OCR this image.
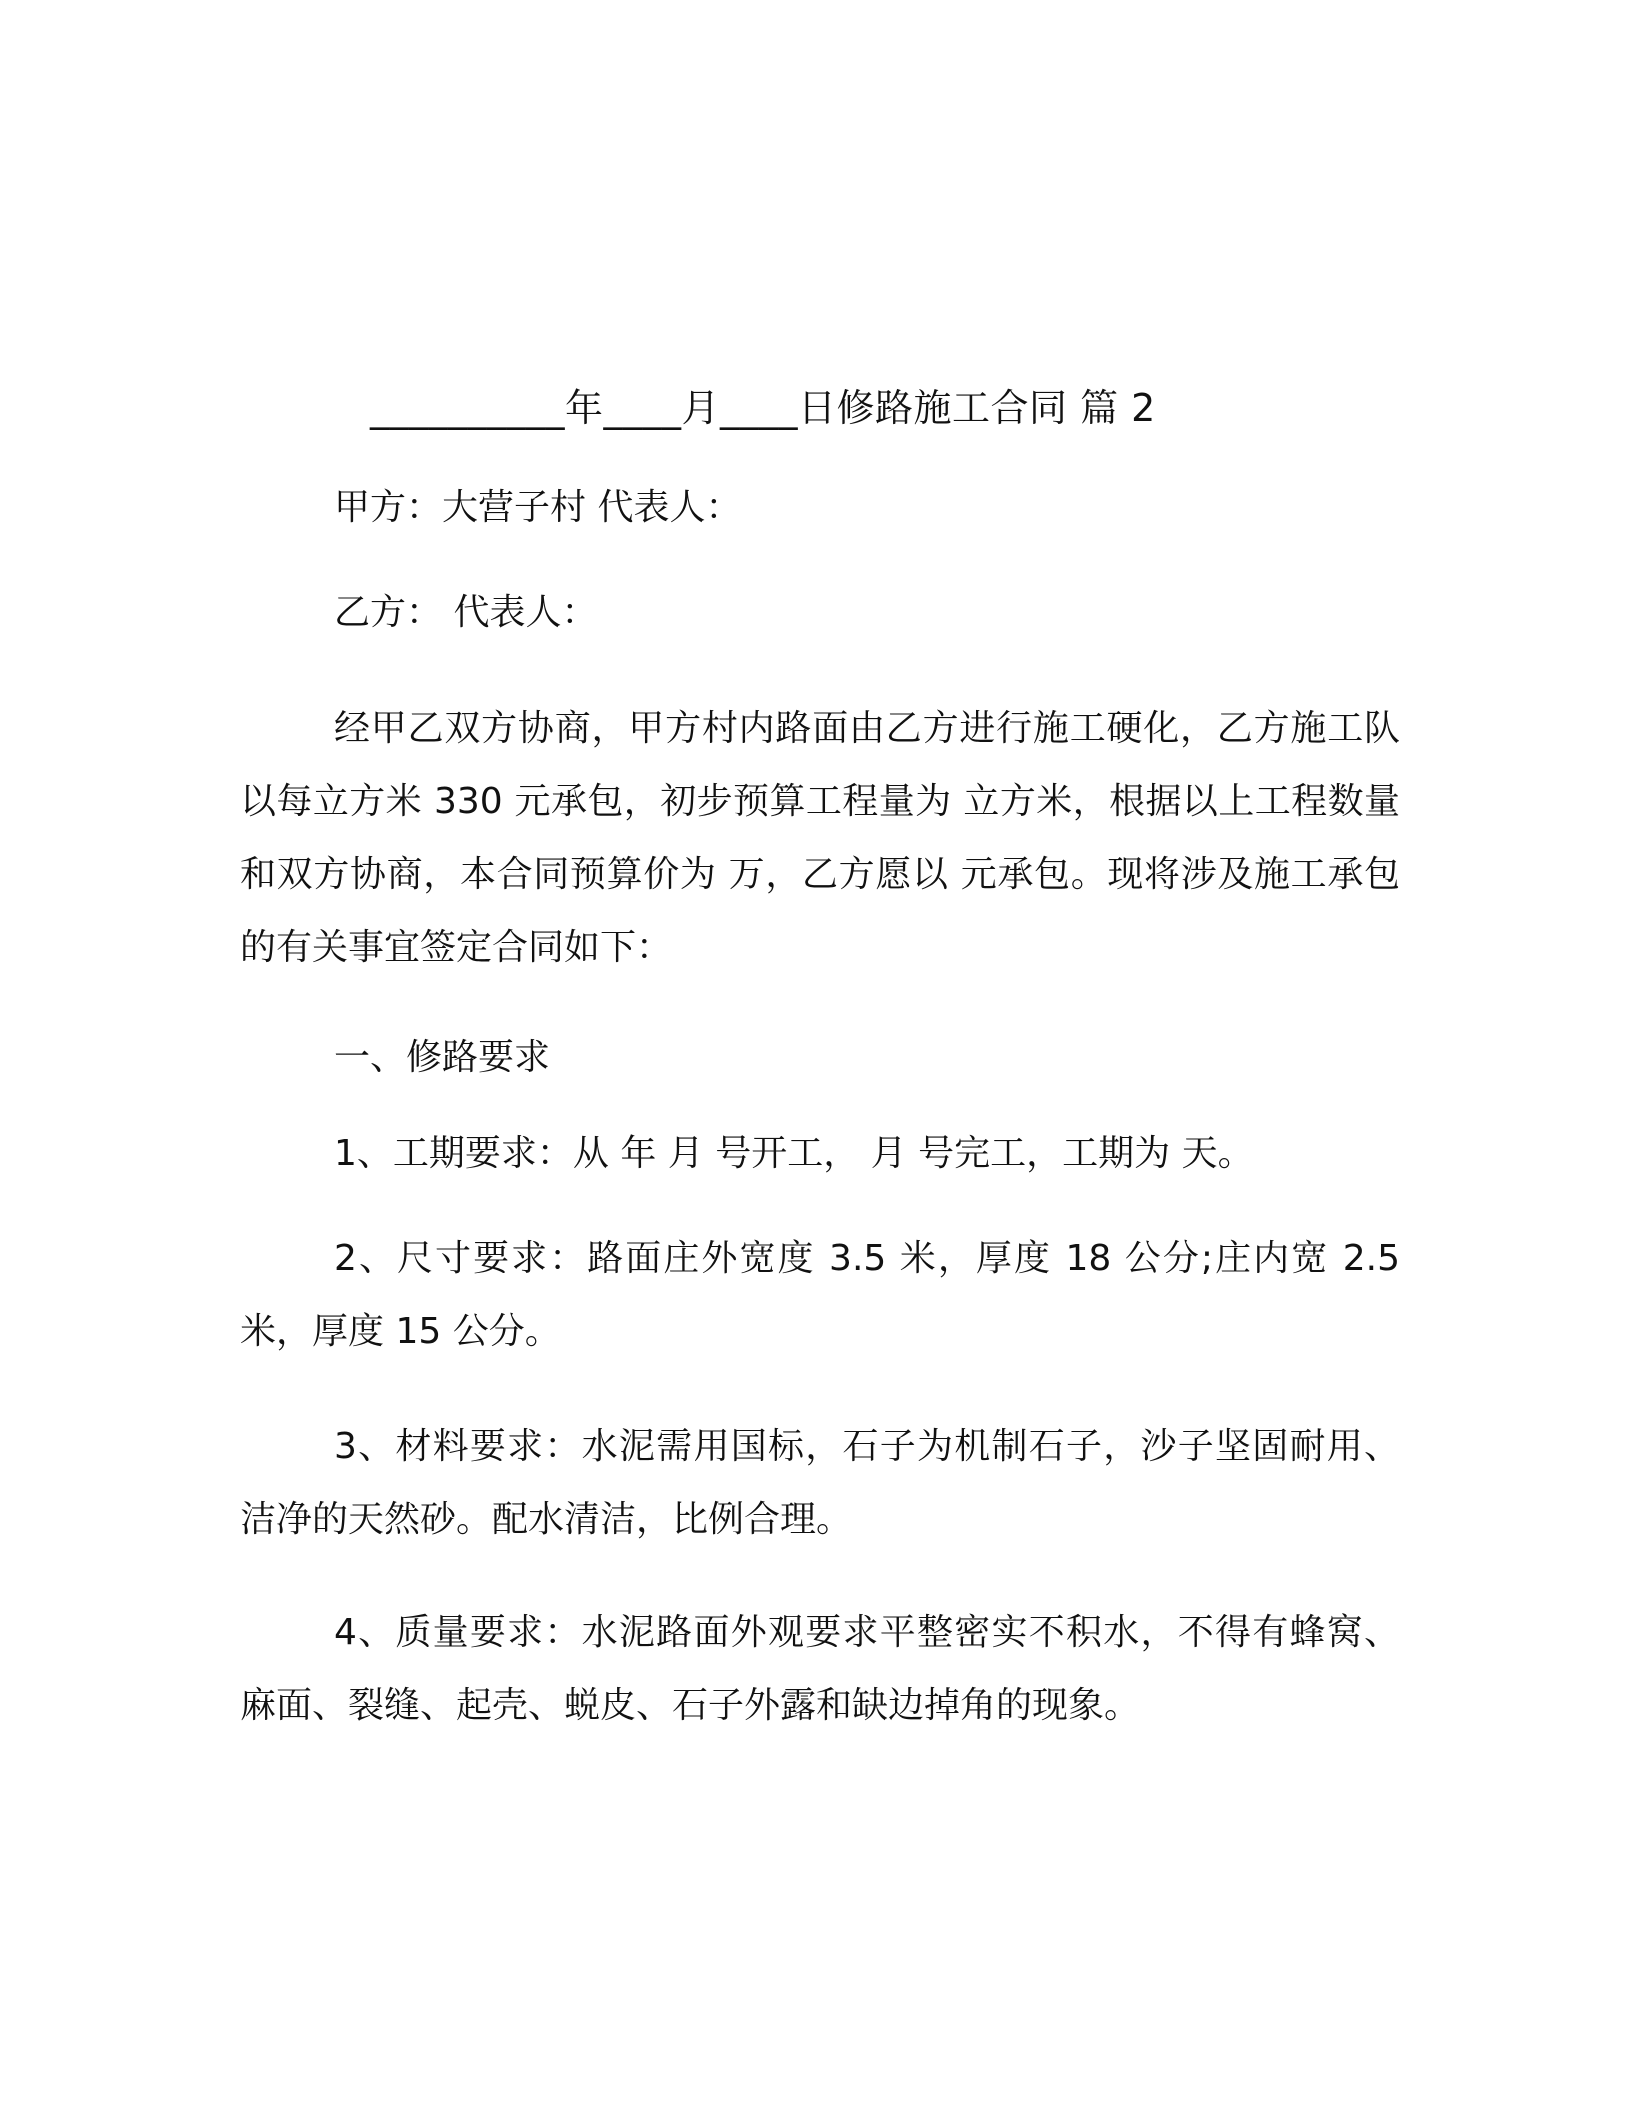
__________年____月____日修路施工合同 篇 2

甲方：大营子村 代表人：

乙方： 代表人：

经甲乙双方协商，甲方村内路面由乙方进行施工硬化，乙方施工队以每立方米 330 元承包，初步预算工程量为 立方米，根据以上工程数量和双方协商，本合同预算价为 万，乙方愿以 元承包。现将涉及施工承包的有关事宜签定合同如下：

一、修路要求

1、工期要求：从 年 月 号开工， 月 号完工，工期为 天。

2、尺寸要求：路面庄外宽度 3.5 米，厚度 18 公分;庄内宽 2.5 米，厚度 15 公分。

3、材料要求：水泥需用国标，石子为机制石子，沙子坚固耐用、洁净的天然砂。配水清洁，比例合理。

4、质量要求：水泥路面外观要求平整密实不积水，不得有蜂窝、麻面、裂缝、起壳、蜕皮、石子外露和缺边掉角的现象。
